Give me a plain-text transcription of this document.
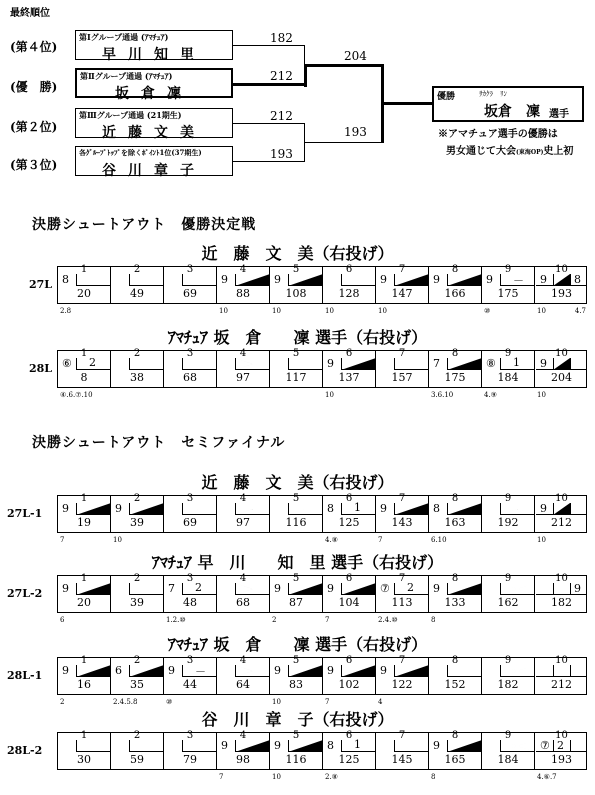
最終順位
(第４位)
(優　勝)
(第２位)
(第３位)
第Ⅰグループ通過 (ｱﾏﾁｭｱ)
早川知里
第Ⅱグループ通過 (ｱﾏﾁｭｱ)
坂倉凜
第Ⅲグループ通過 (21期生)
近藤文美
各ｸﾞﾙｰﾌﾟﾄｯﾌﾟを除くﾎﾟｲﾝﾄ1位(37期生)
谷川章子
182
212
212
193
204
193
優勝	ｻｶｸﾗ　ﾘﾝ
坂倉　凜 選手
※アマチュア選手の優勝は
男女通じて大会(東海OP)史上初
決勝シュートアウト　優勝決定戦
決勝シュートアウト　セミファイナル
近　藤　文　美（右投げ）
27L
1
20
8
2.8
2
49
3
69
4
88
9
10
5
108
9
10
6
128
10
7
147
9
10
8
166
9
9
175
9 －
⑩
10
193
9 8
10	4.7
ｱﾏﾁｭｱ 坂　倉　　凜 選手（右投げ）
28L
1
8
⑥ 2
④.6.⑦.10
2
38
3
68
4
97
5
117
6
137
9
10
7
157
8
175
7
3.6.10
9
184
⑧ 1
4.⑨
10
204
9
10
近　藤　文　美（右投げ）
27L-1
1
19
9
7
2
39
9
10
3
69
4
97
5
116
6
125
8 1
4.⑧
7
143
9
7
8
163
8
6.10
9
192
10
212
9
10
ｱﾏﾁｭｱ 早　川　　知　里 選手（右投げ）
27L-2
1
20
9
6
2
39
3
48
7 2
1.2.⑩
4
68
5
87
9
2
6
104
9
7
7
113
⑦ 2
2.4.⑩
8
133
9
8
9
162
10
182
9
ｱﾏﾁｭｱ 坂　倉　　凜 選手（右投げ）
28L-1
1
16
9
2
2
35
6
2.4.5.8
3
44
9 －
⑩
4
64
5
83
9
10
6
102
9
7
7
122
9
4
8
152
9
182
10
212
谷　川　章　子（右投げ）
28L-2
1
30
2
59
3
79
4
98
9
7
5
116
9
10
6
125
8 1
2.⑧
7
145
8
165
9
8
9
184
10
193
⑦ 2
4.⑥.7
